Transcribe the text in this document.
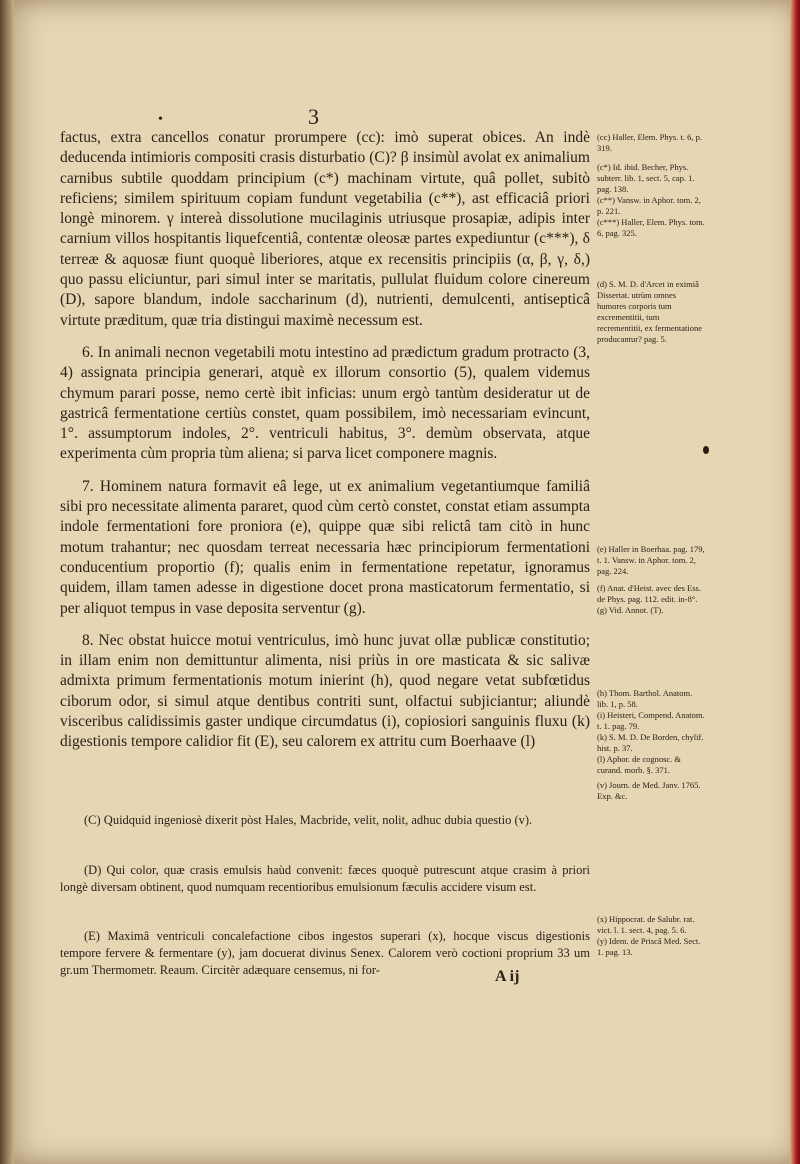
•	3

factus, extra cancellos conatur prorumpere (cc): imò superat obices. An indè deducenda intimioris compositi crasis disturbatio (C)? β insimùl avolat ex animalium carnibus subtile quoddam principium (c*) machinam virtute, quâ pollet, subitò reficiens; similem spirituum copiam fundunt vegetabilia (c**), ast efficaciâ priori longè minorem. γ intereà dissolutione mucilaginis utriusque prosapiæ, adipis inter carnium villos hospitantis liquefcentiâ, contentæ oleosæ partes expediuntur (c***), δ terreæ & aquosæ fiunt quoquè liberiores, atque ex recensitis principiis (α, β, γ, δ,) quo passu eliciuntur, pari simul inter se maritatis, pullulat fluidum colore cinereum (D), sapore blandum, indole saccharinum (d), nutrienti, demulcenti, antisepticâ virtute præditum, quæ tria distingui maximè necessum est.

6. In animali necnon vegetabili motu intestino ad prædictum gradum protracto (3, 4) assignata principia generari, atquè ex illorum consortio (5), qualem videmus chymum parari posse, nemo certè ibit inficias: unum ergò tantùm desideratur ut de gastricâ fermentatione certiùs constet, quam possibilem, imò necessariam evincunt, 1°. assumptorum indoles, 2°. ventriculi habitus, 3°. demùm observata, atque experimenta cùm propria tùm aliena; si parva licet componere magnis.

7. Hominem natura formavit eâ lege, ut ex animalium vegetantiumque familiâ sibi pro necessitate alimenta pararet, quod cùm certò constet, constat etiam assumpta indole fermentationi fore proniora (e), quippe quæ sibi relictâ tam citò in hunc motum trahantur; nec quosdam terreat necessaria hæc principiorum fermentationi conducentium proportio (f); qualis enim in fermentatione repetatur, ignoramus quidem, illam tamen adesse in digestione docet prona masticatorum fermentatio, si per aliquot tempus in vase deposita serventur (g).

8. Nec obstat huicce motui ventriculus, imò hunc juvat ollæ publicæ constitutio; in illam enim non demittuntur alimenta, nisi priùs in ore masticata & sic salivæ admixta primum fermentationis motum inierint (h), quod negare vetat subfœtidus ciborum odor, si simul atque dentibus contriti sunt, olfactui subjiciantur; aliundè visceribus calidissimis gaster undique circumdatus (i), copiosiori sanguinis fluxu (k) digestionis tempore calidior fit (E), seu calorem ex attritu cum Boerhaave (l)

(C) Quidquid ingeniosè dixerit pòst Hales, Macbride, velit, nolit, adhuc dubia questio (v).

(D) Qui color, quæ crasis emulsis haùd convenit: fæces quoquè putrescunt atque crasim à priori longè diversam obtinent, quod numquam recentioribus emulsionum fæculis accidere visum est.

(E) Maximâ ventriculi concalefactione cibos ingestos superari (x), hocque viscus digestionis tempore fervere & fermentare (y), jam docuerat divinus Senex. Calorem verò coctioni proprium 33 um gr.um Thermometr. Reaum. Circitèr adæquare censemus, ni for-	A ij

(cc) Haller, Elem. Phys. t. 6, p. 319.

(c*) Id. ibid. Becher, Phys. subterr. lib. 1, sect. 5, cap. 1. pag. 138.

(c**) Vansw. in Aphor. tom. 2, p. 221.

(c***) Haller, Elem. Phys. tom. 6, pag. 325.

(d) S. M. D. d'Arcet in eximiâ Dissertat. utrùm omnes humores corporis tum excrementitii, tum recrementitii, ex fermentatione producantur? pag. 5.

(e) Haller in Boerhaa. pag. 179, t. 1. Vansw. in Aphor. tom. 2, pag. 224.

(f) Anat. d'Heist. avec des Ess. de Phys. pag. 112. edit. in-8°.

(g) Vid. Annot. (T).

(h) Thom. Barthol. Anatom. lib. 1, p. 58.

(i) Heisteri, Compend. Anatom. t. 1. pag. 79.

(k) S. M. D. De Borden, chylif. hist. p. 37.

(l) Aphor. de cognosc. & curand. morb. §. 371.

(v) Journ. de Med. Janv. 1765. Exp. &c.

(x) Hippocrat. de Salubr. rat. vict. l. 1. sect. 4, pag. 5. 6.

(y) Idem. de Priscâ Med. Sect. 1. pag. 13.
